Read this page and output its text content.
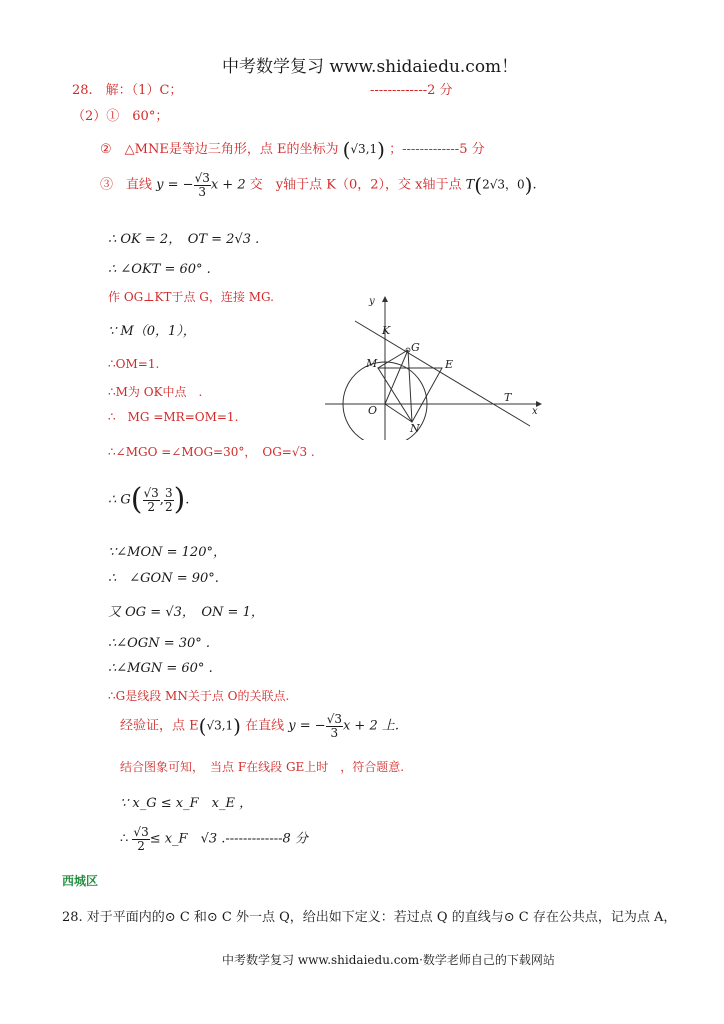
中考数学复习 www.shidaiedu.com！
28.　解：（1）C；	-------------2 分
（2）①　60°；
②　△MNE是等边三角形，点 E的坐标为 (√3,1) ；-------------5 分
③　直线 y = − $\frac{√3}{3}$ x + 2 交　y轴于点 K（0，2），交 x轴于点 T(2√3，0).
∴ OK = 2，　OT = 2√3 .
∴ ∠OKT = 60° .
作 OG⊥KT于点 G，连接 MG.
∵ M（0，1），
∴OM=1.
∴M为 OK中点　.
∴　MG =MR=OM=1.
∴∠MGO =∠MOG=30°，　OG=√3 .
∴ $G( \frac{√3}{2}$ , $\frac{3}{2}$ ).
∵∠MON = 120°，
∴　∠GON = 90°.
又 OG = √3，　ON = 1，
∴∠OGN = 30° .
∴∠MGN = 60° .
∴G是线段 MN关于点 O的关联点.
经验证，点 E(√3,1) 在直线 y = − $\frac{√3}{3}$ x + 2 上.
结合图象可知，　当点 F在线段 GE上时　，符合题意.
∵ x_G ≤ x_F　x_E ，
∴ $\frac{√3}{2}$ ≤ x_F　√3 .-------------8 分
西城区
28. 对于平面内的⊙ C 和⊙ C 外一点 Q，给出如下定义：若过点 Q 的直线与⊙ C 存在公共点，记为点 A，
y
K
G
M	E
O
T
x
N
中考数学复习 www.shidaiedu.com·数学老师自己的下载网站
